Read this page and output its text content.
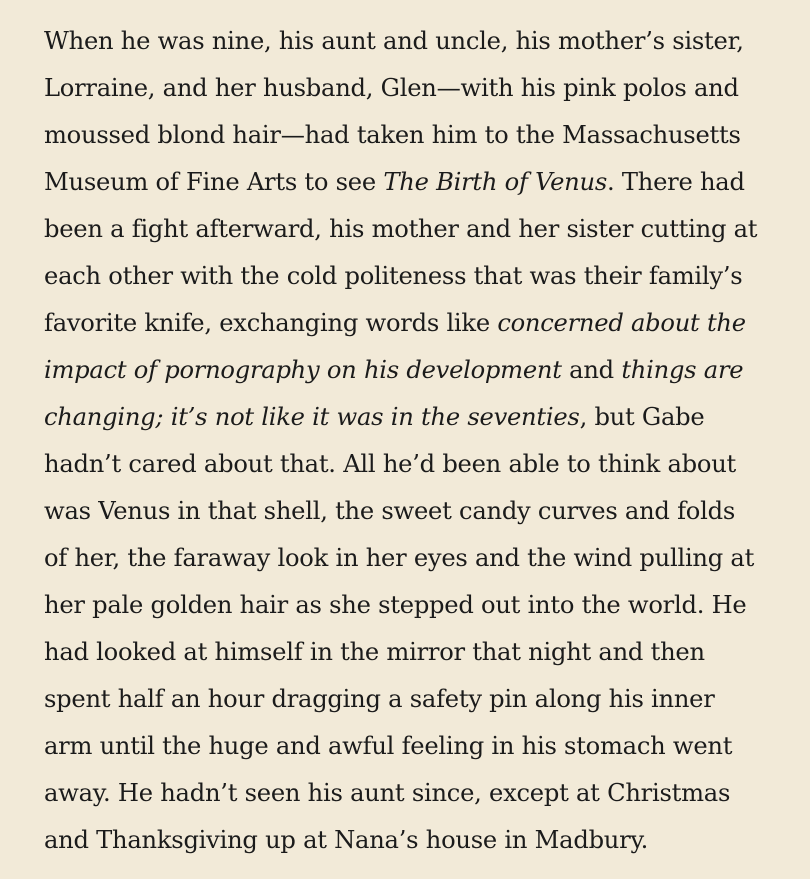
When he was nine, his aunt and uncle, his mother’s sister,
Lorraine, and her husband, Glen—with his pink polos and
moussed blond hair—had taken him to the Massachusetts
Museum of Fine Arts to see The Birth of Venus. There had
been a fight afterward, his mother and her sister cutting at
each other with the cold politeness that was their family’s
favorite knife, exchanging words like concerned about the
impact of pornography on his development and things are
changing; it’s not like it was in the seventies, but Gabe
hadn’t cared about that. All he’d been able to think about
was Venus in that shell, the sweet candy curves and folds
of her, the faraway look in her eyes and the wind pulling at
her pale golden hair as she stepped out into the world. He
had looked at himself in the mirror that night and then
spent half an hour dragging a safety pin along his inner
arm until the huge and awful feeling in his stomach went
away. He hadn’t seen his aunt since, except at Christmas
and Thanksgiving up at Nana’s house in Madbury.
